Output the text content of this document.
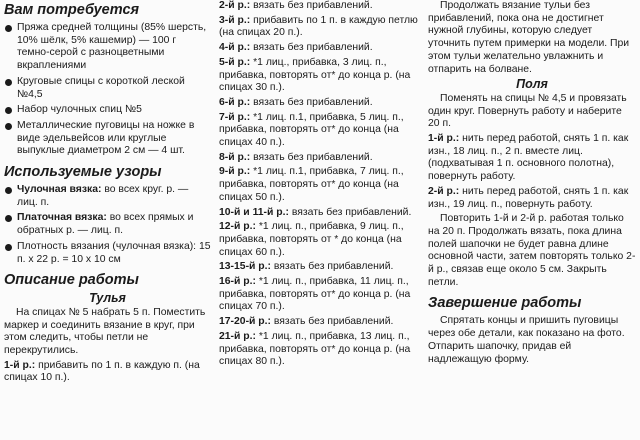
Вам потребуется
Пряжа средней толщины (85% шерсть, 10% шёлк, 5% кашемир) — 100 г темно-серой с разноцветными вкраплениями
Круговые спицы с короткой леской №4,5
Набор чулочных спиц №5
Металлические пуговицы на ножке в виде эдельвейсов или круглые выпуклые диаметром 2 см — 4 шт.
Используемые узоры
Чулочная вязка: во всех круг. р. — лиц. п.
Платочная вязка: во всех прямых и обратных р. — лиц. п.
Плотность вязания (чулочная вязка): 15 п. x 22 р. = 10 x 10 см
Описание работы
Тулья

На спицах № 5 набрать 5 п. Поместить маркер и соединить вязание в круг, при этом следить, чтобы петли не перекрутились.

1-й р.: прибавить по 1 п. в каждую п. (на спицах 10 п.).

2-й р.: вязать без прибавлений.

3-й р.: прибавить по 1 п. в каждую петлю (на спицах 20 п.).

4-й р.: вязать без прибавлений.

5-й р.: *1 лиц., прибавка, 3 лиц. п., прибавка, повторять от* до конца р. (на спицах 30 п.).

6-й р.: вязать без прибавлений.

7-й р.: *1 лиц. п.1, прибавка, 5 лиц. п., прибавка, повторять от* до конца (на спицах 40 п.).

8-й р.: вязать без прибавлений.

9-й р.: *1 лиц. п.1, прибавка, 7 лиц. п., прибавка, повторять от* до конца (на спицах 50 п.).

10-й и 11-й р.: вязать без прибавлений.

12-й р.: *1 лиц. п., прибавка, 9 лиц. п., прибавка, повторять от * до конца (на спицах 60 п.).

13-15-й р.: вязать без прибавлений.

16-й р.: *1 лиц. п., прибавка, 11 лиц. п., прибавка, повторять от* до конца р. (на спицах 70 п.).

17-20-й р.: вязать без прибавлений.

21-й р.: *1 лиц. п., прибавка, 13 лиц. п., прибавка, повторять от* до конца р. (на спицах 80 п.).

Продолжать вязание тульи без прибавлений, пока она не достигнет нужной глубины, которую следует уточнить путем примерки на модели. При этом тульи желательно увлажнить и отпарить на болване.

Поля

Поменять на спицы № 4,5 и провязать один круг. Повернуть работу и наберите 20 п.

1-й р.: нить перед работой, снять 1 п. как изн., 18 лиц. п., 2 п. вместе лиц. (подхватывая 1 п. основного полотна), повернуть работу.

2-й р.: нить перед работой, снять 1 п. как изн., 19 лиц. п., повернуть работу.

Повторить 1-й и 2-й р. работая только на 20 п. Продолжать вязать, пока длина полей шапочки не будет равна длине основной части, затем повторять только 2-й р., связав еще около 5 см. Закрыть петли.

Завершение работы

Спрятать концы и пришить пуговицы через обе детали, как показано на фото. Отпарить шапочку, придав ей надлежащую форму.
